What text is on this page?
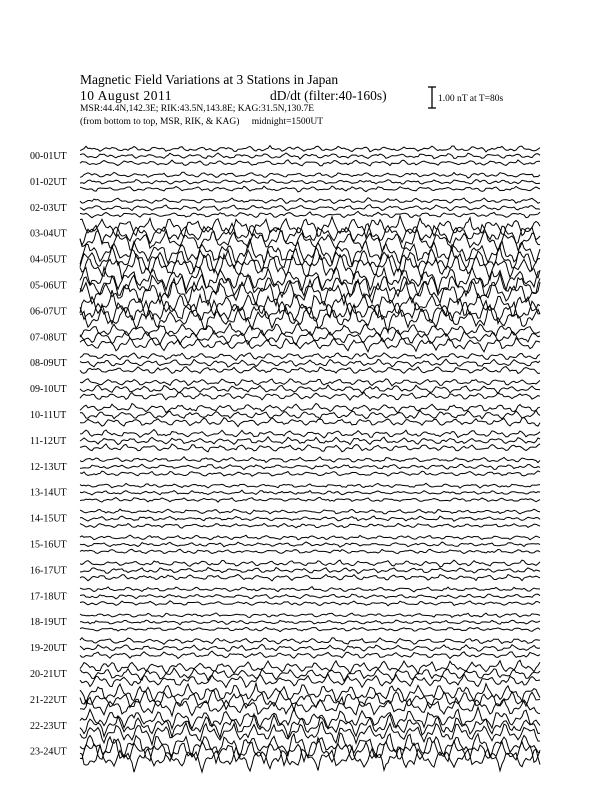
Magnetic Field Variations at 3 Stations in Japan
10 August 2011	dD/dt (filter:40-160s)
MSR:44.4N,142.3E; RIK:43.5N,143.8E; KAG:31.5N,130.7E
(from bottom to top, MSR, RIK, & KAG) midnight=1500UT
1.00 nT at T=80s
00-01UT
01-02UT
02-03UT
03-04UT
04-05UT
05-06UT
06-07UT
07-08UT
08-09UT
09-10UT
10-11UT
11-12UT
12-13UT
13-14UT
14-15UT
15-16UT
16-17UT
17-18UT
18-19UT
19-20UT
20-21UT
21-22UT
22-23UT
23-24UT
